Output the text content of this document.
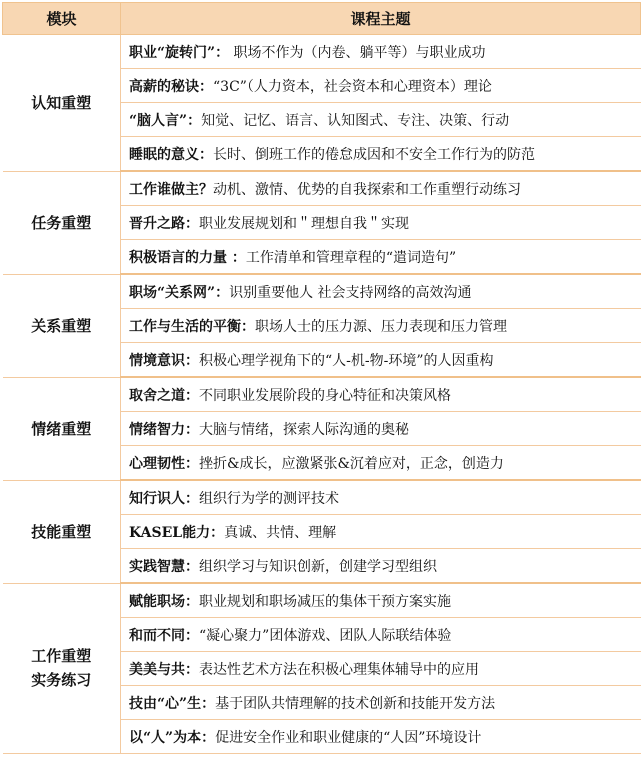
模块	课程主题
认知重塑	职业“旋转门”： 职场不作为（内卷、躺平等）与职业成功
	高薪的秘诀：“3C”（人力资本，社会资本和心理资本）理论
	“脑人言”：知觉、记忆、语言、认知图式、专注、决策、行动
	睡眠的意义：长时、倒班工作的倦怠成因和不安全工作行为的防范
任务重塑	工作谁做主？动机、激情、优势的自我探索和工作重塑行动练习
	晋升之路：职业发展规划和＂理想自我＂实现
	积极语言的力量 ：工作清单和管理章程的“遣词造句”
关系重塑	职场“关系网”：识别重要他人 社会支持网络的高效沟通
	工作与生活的平衡：职场人士的压力源、压力表现和压力管理
	情境意识：积极心理学视角下的“人-机-物-环境”的人因重构
情绪重塑	取舍之道：不同职业发展阶段的身心特征和决策风格
	情绪智力：大脑与情绪，探索人际沟通的奥秘
	心理韧性：挫折&成长，应激紧张&沉着应对，正念，创造力
技能重塑	知行识人：组织行为学的测评技术
	KASEL能力：真诚、共情、理解
	实践智慧：组织学习与知识创新，创建学习型组织

工作重塑
实务练习	赋能职场：职业规划和职场减压的集体干预方案实施
	和而不同：“凝心聚力”团体游戏、团队人际联结体验
	美美与共：表达性艺术方法在积极心理集体辅导中的应用
	技由“心”生：基于团队共情理解的技术创新和技能开发方法
	以“人”为本：促进安全作业和职业健康的“人因”环境设计
